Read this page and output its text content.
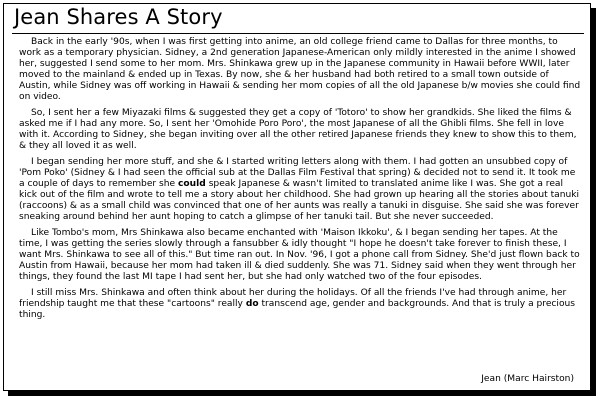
Jean Shares A Story

Back in the early '90s, when I was first getting into anime, an old college friend came to Dallas for three months, to work as a temporary physician. Sidney, a 2nd generation Japanese-American only mildly interested in the anime I showed her, suggested I send some to her mom. Mrs. Shinkawa grew up in the Japanese community in Hawaii before WWII, later moved to the mainland & ended up in Texas. By now, she & her husband had both retired to a small town outside of Austin, while Sidney was off working in Hawaii & sending her mom copies of all the old Japanese b/w movies she could find on video.

So, I sent her a few Miyazaki films & suggested they get a copy of 'Totoro' to show her grandkids. She liked the films & asked me if I had any more. So, I sent her 'Omohide Poro Poro', the most Japanese of all the Ghibli films. She fell in love with it. According to Sidney, she began inviting over all the other retired Japanese friends they knew to show this to them, & they all loved it as well.

I began sending her more stuff, and she & I started writing letters along with them. I had gotten an unsubbed copy of 'Pom Poko' (Sidney & I had seen the official sub at the Dallas Film Festival that spring) & decided not to send it. It took me a couple of days to remember she could speak Japanese & wasn't limited to translated anime like I was. She got a real kick out of the film and wrote to tell me a story about her childhood. She had grown up hearing all the stories about tanuki (raccoons) & as a small child was convinced that one of her aunts was really a tanuki in disguise. She said she was forever sneaking around behind her aunt hoping to catch a glimpse of her tanuki tail. But she never succeeded.

Like Tombo's mom, Mrs Shinkawa also became enchanted with 'Maison Ikkoku', & I began sending her tapes. At the time, I was getting the series slowly through a fansubber & idly thought "I hope he doesn't take forever to finish these, I want Mrs. Shinkawa to see all of this." But time ran out. In Nov. '96, I got a phone call from Sidney. She'd just flown back to Austin from Hawaii, because her mom had taken ill & died suddenly. She was 71. Sidney said when they went through her things, they found the last MI tape I had sent her, but she had only watched two of the four episodes.

I still miss Mrs. Shinkawa and often think about her during the holidays. Of all the friends I've had through anime, her friendship taught me that these "cartoons" really do transcend age, gender and backgrounds. And that is truly a precious thing.

Jean (Marc Hairston)
